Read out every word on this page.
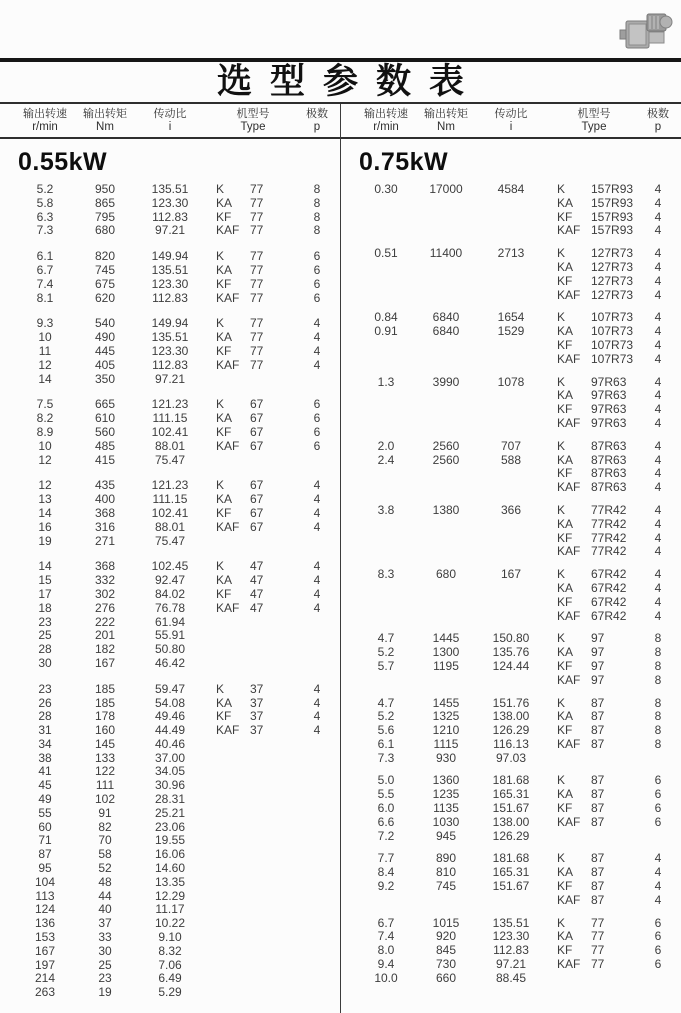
选型参数表
输出转速
r/min
输出转矩
Nm
传动比
i
机型号
Type
极数
p
0.55kW
5.2	950	135.51	K	77	8
5.8	865	123.30	KA	77	8
6.3	795	112.83	KF	77	8
7.3	680	97.21	KAF 77	8
6.1	820	149.94	K	77	6
6.7	745	135.51	KA	77	6
7.4	675	123.30	KF	77	6
8.1	620	112.83	KAF 77	6
9.3	540	149.94	K	77	4
10	490	135.51	KA	77	4
11	445	123.30	KF	77	4
12	405	112.83	KAF 77	4
14	350	97.21
7.5	665	121.23	K	67	6
8.2	610	111.15	KA	67	6
8.9	560	102.41	KF	67	6
10	485	88.01	KAF 67	6
12	415	75.47
12	435	121.23	K	67	4
13	400	111.15	KA	67	4
14	368	102.41	KF	67	4
16	316	88.01	KAF 67	4
19	271	75.47
14	368	102.45	K	47	4
15	332	92.47	KA	47	4
17	302	84.02	KF	47	4
18	276	76.78	KAF 47	4
23	222	61.94
25	201	55.91
28	182	50.80
30	167	46.42
23	185	59.47	K	37	4
26	185	54.08	KA	37	4
28	178	49.46	KF	37	4
31	160	44.49	KAF 37	4
34	145	40.46
38	133	37.00
41	122	34.05
45	111	30.96
49	102	28.31
55	91	25.21
60	82	23.06
71	70	19.55
87	58	16.06
95	52	14.60
104	48	13.35
113	44	12.29
124	40	11.17
136	37	10.22
153	33	9.10
167	30	8.32
197	25	7.06
214	23	6.49
263	19	5.29
输出转速
r/min
输出转矩
Nm
传动比
i
机型号
Type
极数
p
0.75kW
0.30	17000	4584	K	157R93	4
KA	157R93	4
KF	157R93	4
KAF 157R93	4
0.51	11400	2713	K	127R73	4
KA	127R73	4
KF	127R73	4
KAF 127R73	4
0.84	6840	1654	K	107R73	4
0.91	6840	1529	KA	107R73	4
KF	107R73	4
KAF 107R73	4
1.3	3990	1078	K	97R63	4
KA	97R63	4
KF	97R63	4
KAF 97R63	4
2.0	2560	707	K	87R63	4
2.4	2560	588	KA	87R63	4
KF	87R63	4
KAF 87R63	4
3.8	1380	366	K	77R42	4
KA	77R42	4
KF	77R42	4
KAF 77R42	4
8.3	680	167	K	67R42	4
KA	67R42	4
KF	67R42	4
KAF 67R42	4
4.7	1445	150.80	K	97	8
5.2	1300	135.76	KA	97	8
5.7	1195	124.44	KF	97	8
KAF 97	8
4.7	1455	151.76	K	87	8
5.2	1325	138.00	KA	87	8
5.6	1210	126.29	KF	87	8
6.1	1115	116.13	KAF 87	8
7.3	930	97.03
5.0	1360	181.68	K	87	6
5.5	1235	165.31	KA	87	6
6.0	1135	151.67	KF	87	6
6.6	1030	138.00	KAF 87	6
7.2	945	126.29
7.7	890	181.68	K	87	4
8.4	810	165.31	KA	87	4
9.2	745	151.67	KF	87	4
KAF 87	4
6.7	1015	135.51	K	77	6
7.4	920	123.30	KA	77	6
8.0	845	112.83	KF	77	6
9.4	730	97.21	KAF 77	6
10.0	660	88.45
